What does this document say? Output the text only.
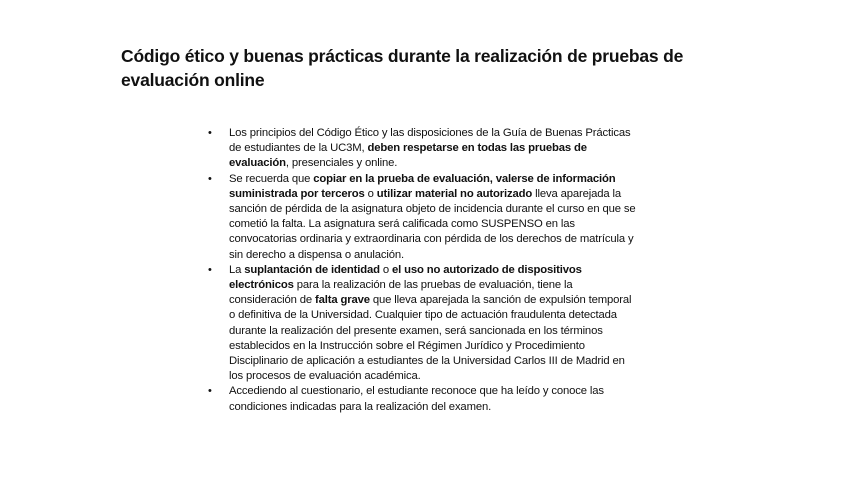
Código ético y buenas prácticas durante la realización de pruebas de evaluación online
• Los principios del Código Ético y las disposiciones de la Guía de Buenas Prácticas de estudiantes de la UC3M, deben respetarse en todas las pruebas de evaluación, presenciales y online.
• Se recuerda que copiar en la prueba de evaluación, valerse de información suministrada por terceros o utilizar material no autorizado lleva aparejada la sanción de pérdida de la asignatura objeto de incidencia durante el curso en que se cometió la falta. La asignatura será calificada como SUSPENSO en las convocatorias ordinaria y extraordinaria con pérdida de los derechos de matrícula y sin derecho a dispensa o anulación.
• La suplantación de identidad o el uso no autorizado de dispositivos electrónicos para la realización de las pruebas de evaluación, tiene la consideración de falta grave que lleva aparejada la sanción de expulsión temporal o definitiva de la Universidad. Cualquier tipo de actuación fraudulenta detectada durante la realización del presente examen, será sancionada en los términos establecidos en la Instrucción sobre el Régimen Jurídico y Procedimiento Disciplinario de aplicación a estudiantes de la Universidad Carlos III de Madrid en los procesos de evaluación académica.
• Accediendo al cuestionario, el estudiante reconoce que ha leído y conoce las condiciones indicadas para la realización del examen.
